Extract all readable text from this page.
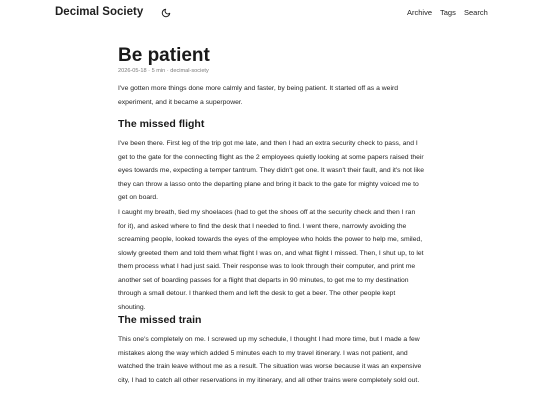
Decimal Society	Archive Tags Search
Be patient
2026-05-18 · 5 min · decimal-society

I've gotten more things done more calmly and faster, by being patient. It started off as a weird experiment, and it became a superpower.

The missed flight

I've been there. First leg of the trip got me late, and then I had an extra security check to pass, and I get to the gate for the connecting flight as the 2 employees quietly looking at some papers raised their eyes towards me, expecting a temper tantrum. They didn't get one. It wasn't their fault, and it's not like they can throw a lasso onto the departing plane and bring it back to the gate for mighty voiced me to get on board.

I caught my breath, tied my shoelaces (had to get the shoes off at the security check and then I ran for it), and asked where to find the desk that I needed to find. I went there, narrowly avoiding the screaming people, looked towards the eyes of the employee who holds the power to help me, smiled, slowly greeted them and told them what flight I was on, and what flight I missed. Then, I shut up, to let them process what I had just said. Their response was to look through their computer, and print me another set of boarding passes for a flight that departs in 90 minutes, to get me to my destination through a small detour. I thanked them and left the desk to get a beer. The other people kept shouting.

The missed train

This one's completely on me. I screwed up my schedule, I thought I had more time, but I made a few mistakes along the way which added 5 minutes each to my travel itinerary. I was not patient, and watched the train leave without me as a result. The situation was worse because it was an expensive city, I had to catch all other reservations in my itinerary, and all other trains were completely sold out.
